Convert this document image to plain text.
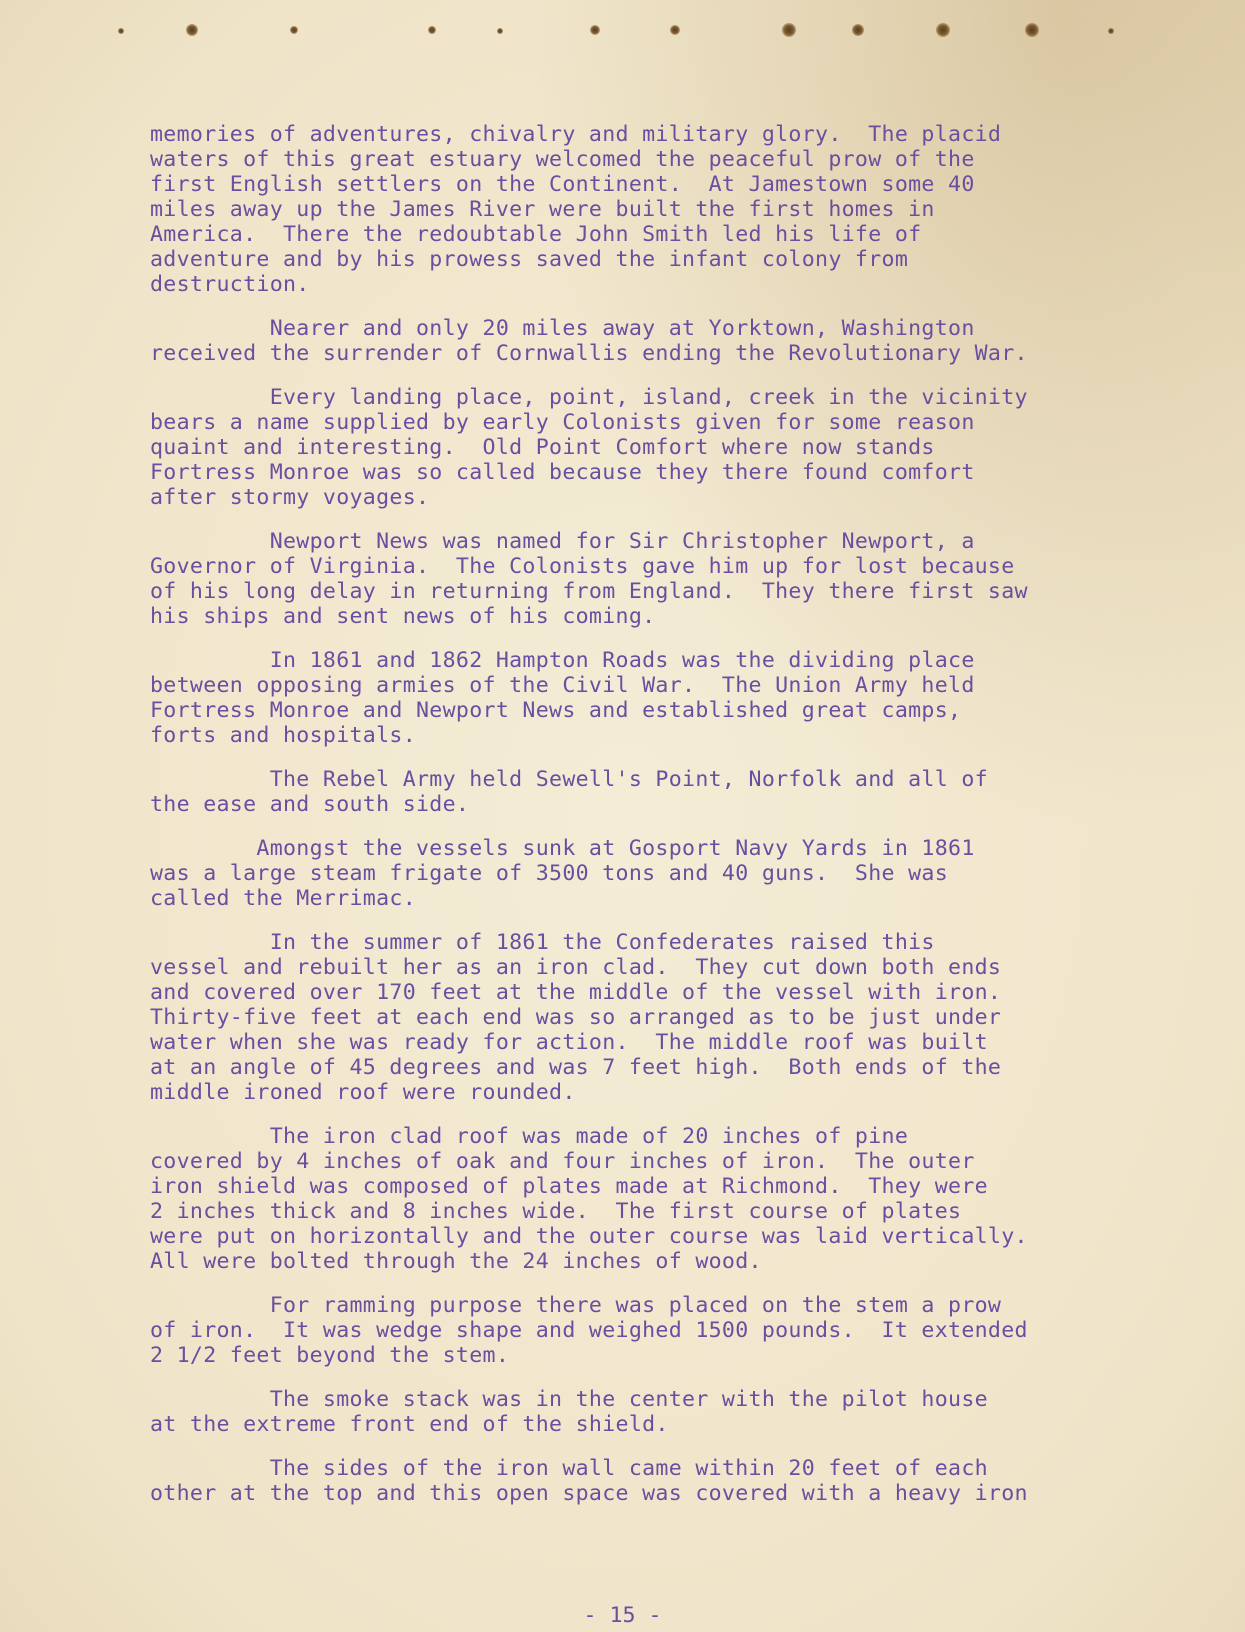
memories of adventures, chivalry and military glory.  The placid
waters of this great estuary welcomed the peaceful prow of the
first English settlers on the Continent.  At Jamestown some 40
miles away up the James River were built the first homes in
America.  There the redoubtable John Smith led his life of
adventure and by his prowess saved the infant colony from
destruction.
Nearer and only 20 miles away at Yorktown, Washington
received the surrender of Cornwallis ending the Revolutionary War.
Every landing place, point, island, creek in the vicinity
bears a name supplied by early Colonists given for some reason
quaint and interesting.  Old Point Comfort where now stands
Fortress Monroe was so called because they there found comfort
after stormy voyages.
Newport News was named for Sir Christopher Newport, a
Governor of Virginia.  The Colonists gave him up for lost because
of his long delay in returning from England.  They there first saw
his ships and sent news of his coming.
In 1861 and 1862 Hampton Roads was the dividing place
between opposing armies of the Civil War.  The Union Army held
Fortress Monroe and Newport News and established great camps,
forts and hospitals.
The Rebel Army held Sewell's Point, Norfolk and all of
the ease and south side.
Amongst the vessels sunk at Gosport Navy Yards in 1861
was a large steam frigate of 3500 tons and 40 guns.  She was
called the Merrimac.
In the summer of 1861 the Confederates raised this
vessel and rebuilt her as an iron clad.  They cut down both ends
and covered over 170 feet at the middle of the vessel with iron.
Thirty-five feet at each end was so arranged as to be just under
water when she was ready for action.  The middle roof was built
at an angle of 45 degrees and was 7 feet high.  Both ends of the
middle ironed roof were rounded.
The iron clad roof was made of 20 inches of pine
covered by 4 inches of oak and four inches of iron.  The outer
iron shield was composed of plates made at Richmond.  They were
2 inches thick and 8 inches wide.  The first course of plates
were put on horizontally and the outer course was laid vertically.
All were bolted through the 24 inches of wood.
For ramming purpose there was placed on the stem a prow
of iron.  It was wedge shape and weighed 1500 pounds.  It extended
2 1/2 feet beyond the stem.
The smoke stack was in the center with the pilot house
at the extreme front end of the shield.
The sides of the iron wall came within 20 feet of each
other at the top and this open space was covered with a heavy iron
- 15 -
